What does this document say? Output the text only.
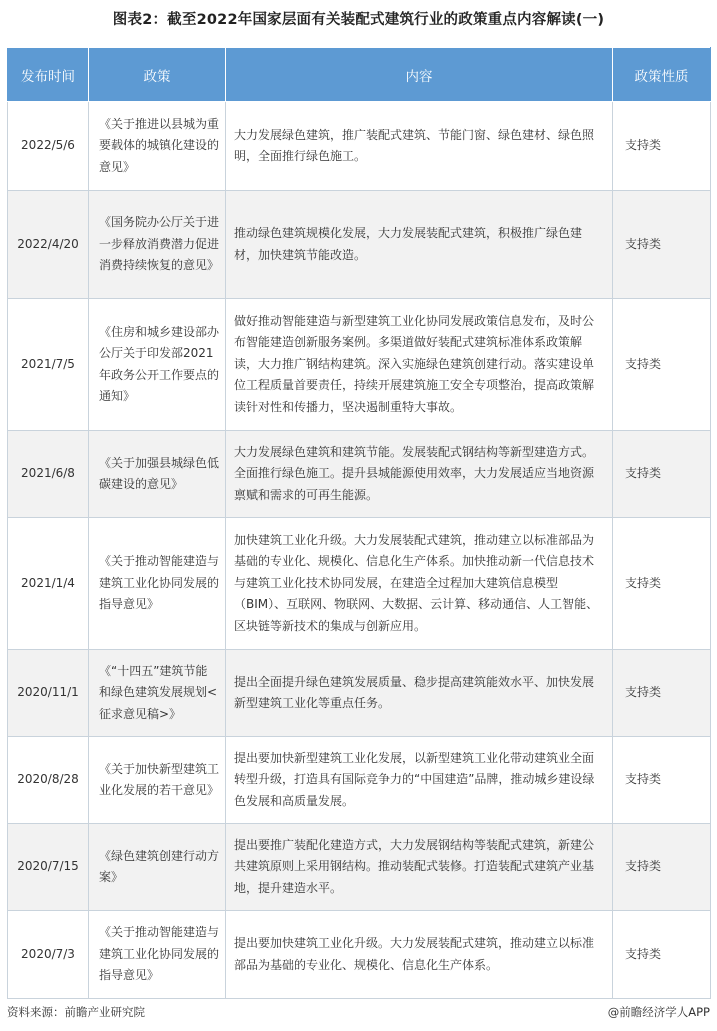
图表2：截至2022年国家层面有关装配式建筑行业的政策重点内容解读(一)
发布时间	政策	内容	政策性质
2022/5/6	《关于推进以县城为重要载体的城镇化建设的意见》	大力发展绿色建筑，推广装配式建筑、节能门窗、绿色建材、绿色照明，全面推行绿色施工。	支持类
2022/4/20	《国务院办公厅关于进一步释放消费潜力促进消费持续恢复的意见》	推动绿色建筑规模化发展，大力发展装配式建筑，积极推广绿色建材，加快建筑节能改造。	支持类
2021/7/5	《住房和城乡建设部办公厅关于印发部2021 年政务公开工作要点的通知》	做好推动智能建造与新型建筑工业化协同发展政策信息发布，及时公布智能建造创新服务案例。多渠道做好装配式建筑标准体系政策解读，大力推广钢结构建筑。深入实施绿色建筑创建行动。落实建设单位工程质量首要责任，持续开展建筑施工安全专项整治，提高政策解读针对性和传播力，坚决遏制重特大事故。	支持类
2021/6/8	《关于加强县城绿色低碳建设的意见》	大力发展绿色建筑和建筑节能。发展装配式钢结构等新型建造方式。全面推行绿色施工。提升县城能源使用效率，大力发展适应当地资源禀赋和需求的可再生能源。	支持类
2021/1/4	《关于推动智能建造与建筑工业化协同发展的指导意见》	加快建筑工业化升级。大力发展装配式建筑，推动建立以标准部品为基础的专业化、规模化、信息化生产体系。加快推动新一代信息技术与建筑工业化技术协同发展，在建造全过程加大建筑信息模型（BIM）、互联网、物联网、大数据、云计算、移动通信、人工智能、区块链等新技术的集成与创新应用。	支持类
2020/11/1	《“十四五”建筑节能和绿色建筑发展规划<征求意见稿>》	提出全面提升绿色建筑发展质量、稳步提高建筑能效水平、加快发展新型建筑工业化等重点任务。	支持类
2020/8/28	《关于加快新型建筑工业化发展的若干意见》	提出要加快新型建筑工业化发展，以新型建筑工业化带动建筑业全面转型升级，打造具有国际竞争力的“中国建造”品牌，推动城乡建设绿色发展和高质量发展。	支持类
2020/7/15	《绿色建筑创建行动方案》	提出要推广装配化建造方式，大力发展钢结构等装配式建筑，新建公共建筑原则上采用钢结构。推动装配式装修。打造装配式建筑产业基地，提升建造水平。	支持类
2020/7/3	《关于推动智能建造与建筑工业化协同发展的指导意见》	提出要加快建筑工业化升级。大力发展装配式建筑，推动建立以标准部品为基础的专业化、规模化、信息化生产体系。	支持类
资料来源：前瞻产业研究院	@前瞻经济学人APP
